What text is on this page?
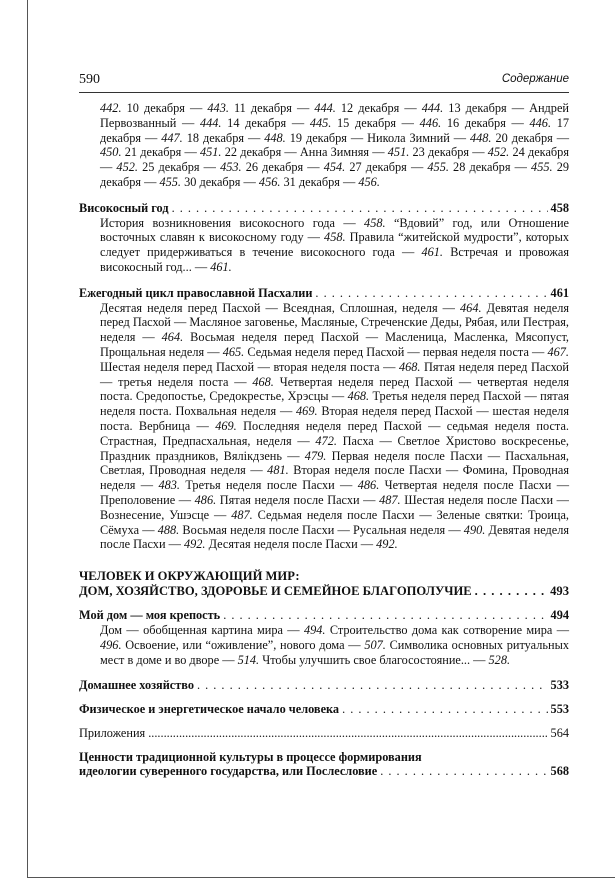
590	Содержание

442. 10 декабря — 443. 11 декабря — 444. 12 декабря — 444. 13 декабря — Андрей Первозванный — 444. 14 декабря — 445. 15 декабря — 446. 16 декабря — 446. 17 декабря — 447. 18 декабря — 448. 19 декабря — Никола Зимний — 448. 20 декабря — 450. 21 декабря — 451. 22 декабря — Анна Зимняя — 451. 23 декабря — 452. 24 декабря — 452. 25 декабря — 453. 26 декабря — 454. 27 декабря — 455. 28 декабря — 455. 29 декабря — 455. 30 декабря — 456. 31 декабря — 456.

Високосный год . . .	458

История возникновения високосного года — 458. “Вдовий” год, или Отношение восточных славян к високосному году — 458. Правила “житейской мудрости”, которых следует придерживаться в течение високосного года — 461. Встречая и провожая високосный год... — 461.

Ежегодный цикл православной Пасхалии . . .	461

Десятая неделя перед Пасхой — Всеядная, Сплошная, неделя — 464. Девятая неделя перед Пасхой — Масляное заговенье, Масляные, Стреченские Деды, Рябая, или Пестрая, неделя — 464. Восьмая неделя перед Пасхой — Масленица, Масленка, Мясопуст, Прощальная неделя — 465. Седьмая неделя перед Пасхой — первая неделя поста — 467. Шестая неделя перед Пасхой — вторая неделя поста — 468. Пятая неделя перед Пасхой — третья неделя поста — 468. Четвертая неделя перед Пасхой — четвертая неделя поста. Средопостье, Средокрестье, Хрэсцы — 468. Третья неделя перед Пасхой — пятая неделя поста. Похвальная неделя — 469. Вторая неделя перед Пасхой — шестая неделя поста. Вербница — 469. Последняя неделя перед Пасхой — седьмая неделя поста. Страстная, Предпасхальная, неделя — 472. Пасха — Светлое Христово воскресенье, Праздник праздников, Вялікдзень — 479. Первая неделя после Пасхи — Пасхальная, Светлая, Проводная неделя — 481. Вторая неделя после Пасхи — Фомина, Проводная неделя — 483. Третья неделя после Пасхи — 486. Четвертая неделя после Пасхи — Преполовение — 486. Пятая неделя после Пасхи — 487. Шестая неделя после Пасхи — Вознесение, Ушэсце — 487. Седьмая неделя после Пасхи — Зеленые святки: Троица, Сёмуха — 488. Восьмая неделя после Пасхи — Русальная неделя — 490. Девятая неделя после Пасхи — 492. Десятая неделя после Пасхи — 492.

ЧЕЛОВЕК И ОКРУЖАЮЩИЙ МИР:
ДОМ, ХОЗЯЙСТВО, ЗДОРОВЬЕ И СЕМЕЙНОЕ БЛАГОПОЛУЧИЕ . . .	493
Мой дом — моя крепость . . .	494

Дом — обобщенная картина мира — 494. Строительство дома как сотворение мира — 496. Освоение, или “оживление”, нового дома — 507. Символика основных ритуальных мест в доме и во дворе — 514. Чтобы улучшить свое благосостояние... — 528.

Домашнее хозяйство . . .	533
Физическое и энергетическое начало человека . . .	553
Приложения .....	564
Ценности традиционной культуры в процессе формирования
идеологии суверенного государства, или Послесловие . . .	568
